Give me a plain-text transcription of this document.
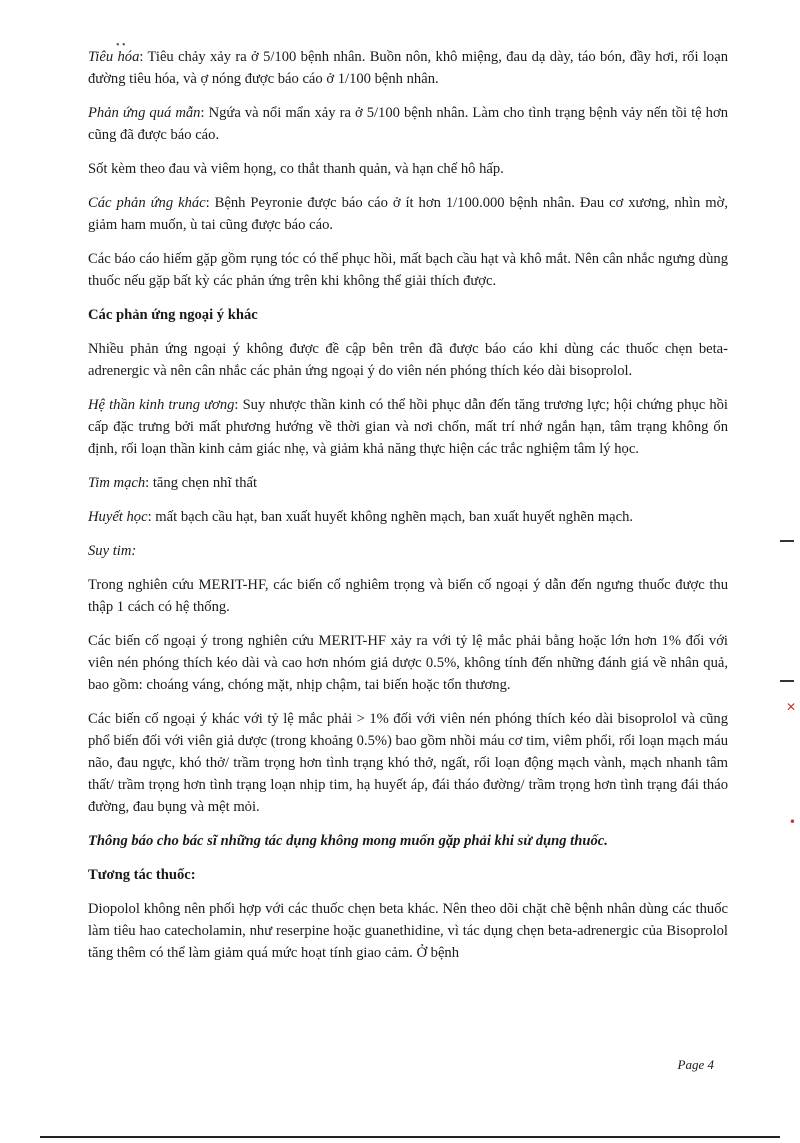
• •

Tiêu hóa: Tiêu chảy xảy ra ở 5/100 bệnh nhân. Buồn nôn, khô miệng, đau dạ dày, táo bón, đầy hơi, rối loạn đường tiêu hóa, và ợ nóng được báo cáo ở 1/100 bệnh nhân.

Phản ứng quá mẫn: Ngứa và nổi mẩn xảy ra ở 5/100 bệnh nhân. Làm cho tình trạng bệnh vảy nến tồi tệ hơn cũng đã được báo cáo.

Sốt kèm theo đau và viêm họng, co thắt thanh quản, và hạn chế hô hấp.

Các phản ứng khác: Bệnh Peyronie được báo cáo ở ít hơn 1/100.000 bệnh nhân. Đau cơ xương, nhìn mờ, giảm ham muốn, ù tai cũng được báo cáo.

Các báo cáo hiếm gặp gồm rụng tóc có thể phục hồi, mất bạch cầu hạt và khô mắt. Nên cân nhắc ngưng dùng thuốc nếu gặp bất kỳ các phản ứng trên khi không thể giải thích được.

Các phản ứng ngoại ý khác

Nhiều phản ứng ngoại ý không được đề cập bên trên đã được báo cáo khi dùng các thuốc chẹn beta-adrenergic và nên cân nhắc các phản ứng ngoại ý do viên nén phóng thích kéo dài bisoprolol.

Hệ thần kinh trung ương: Suy nhược thần kinh có thể hồi phục dẫn đến tăng trương lực; hội chứng phục hồi cấp đặc trưng bởi mất phương hướng về thời gian và nơi chốn, mất trí nhớ ngắn hạn, tâm trạng không ổn định, rối loạn thần kinh cảm giác nhẹ, và giảm khả năng thực hiện các trắc nghiệm tâm lý học.

Tim mạch: tăng chẹn nhĩ thất

Huyết học: mất bạch cầu hạt, ban xuất huyết không nghẽn mạch, ban xuất huyết nghẽn mạch.

Suy tim:

Trong nghiên cứu MERIT-HF, các biến cố nghiêm trọng và biến cố ngoại ý dẫn đến ngưng thuốc được thu thập 1 cách có hệ thống.

Các biến cố ngoại ý trong nghiên cứu MERIT-HF xảy ra với tỷ lệ mắc phải bằng hoặc lớn hơn 1% đối với viên nén phóng thích kéo dài và cao hơn nhóm giả dược 0.5%, không tính đến những đánh giá về nhân quả, bao gồm: choáng váng, chóng mặt, nhịp chậm, tai biến hoặc tổn thương.

Các biến cố ngoại ý khác với tỷ lệ mắc phải > 1% đối với viên nén phóng thích kéo dài bisoprolol và cũng phổ biến đối với viên giả dược (trong khoảng 0.5%) bao gồm nhồi máu cơ tim, viêm phổi, rối loạn mạch máu não, đau ngực, khó thở/ trầm trọng hơn tình trạng khó thở, ngất, rối loạn động mạch vành, mạch nhanh tâm thất/ trầm trọng hơn tình trạng loạn nhịp tim, hạ huyết áp, đái tháo đường/ trầm trọng hơn tình trạng đái tháo đường, đau bụng và mệt mỏi.

Thông báo cho bác sĩ những tác dụng không mong muốn gặp phải khi sử dụng thuốc.

Tương tác thuốc:

Diopolol không nên phối hợp với các thuốc chẹn beta khác. Nên theo dõi chặt chẽ bệnh nhân dùng các thuốc làm tiêu hao catecholamin, như reserpine hoặc guanethidine, vì tác dụng chẹn beta-adrenergic của Bisoprolol tăng thêm có thể làm giảm quá mức hoạt tính giao cảm. Ở bệnh

Page 4
✕
•
